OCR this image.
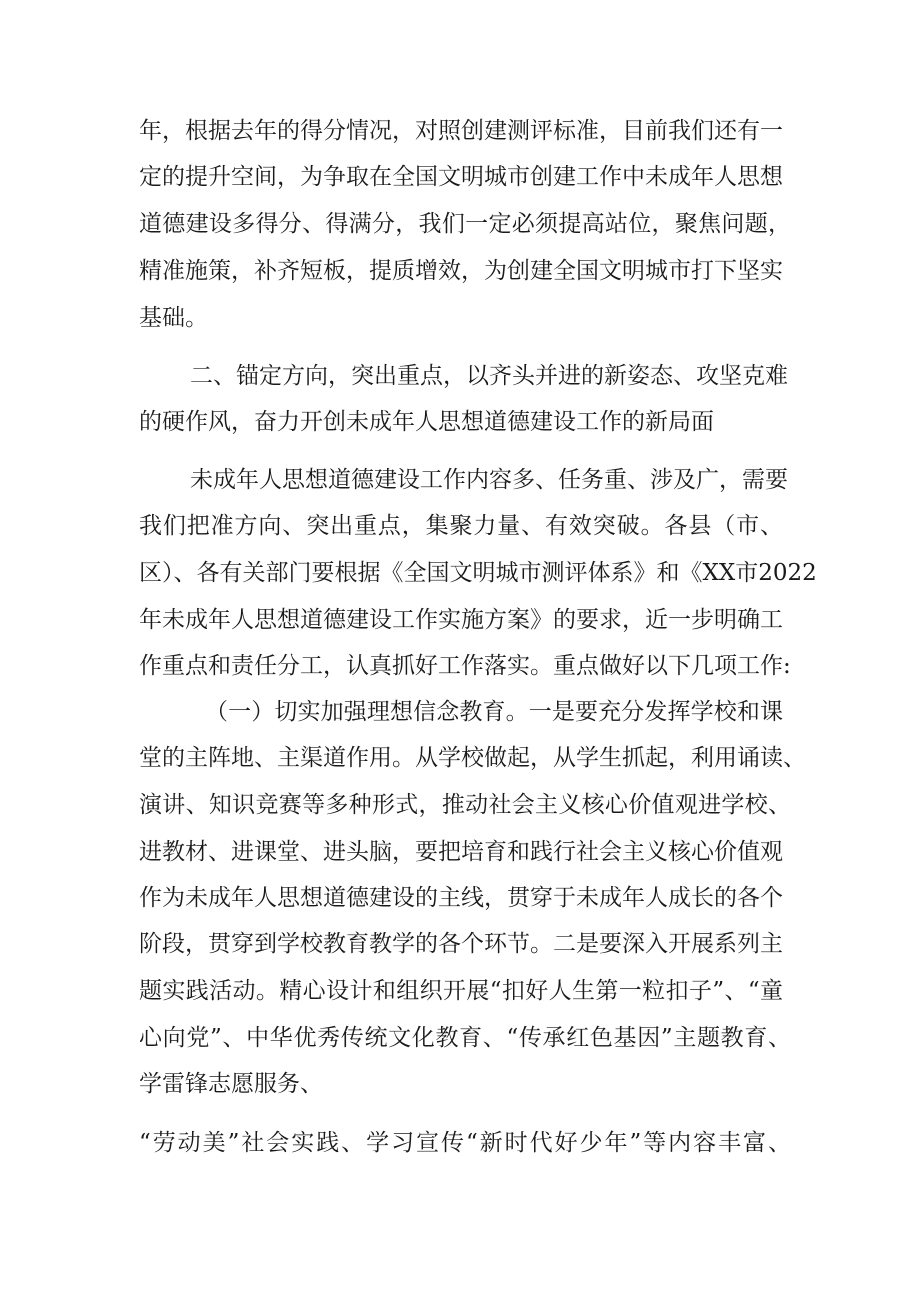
年，根据去年的得分情况，对照创建测评标准，目前我们还有一

定的提升空间，为争取在全国文明城市创建工作中未成年人思想

道德建设多得分、得满分，我们一定必须提高站位，聚焦问题，

精准施策，补齐短板，提质增效，为创建全国文明城市打下坚实

基础。

二、锚定方向，突出重点，以齐头并进的新姿态、攻坚克难

的硬作风，奋力开创未成年人思想道德建设工作的新局面

未成年人思想道德建设工作内容多、任务重、涉及广，需要

我们把准方向、突出重点，集聚力量、有效突破。各县（市、

区）、各有关部门要根据《全国文明城市测评体系》和《XX市2022

年未成年人思想道德建设工作实施方案》的要求，近一步明确工

作重点和责任分工，认真抓好工作落实。重点做好以下几项工作:

（一）切实加强理想信念教育。一是要充分发挥学校和课

堂的主阵地、主渠道作用。从学校做起，从学生抓起，利用诵读、

演讲、知识竞赛等多种形式，推动社会主义核心价值观进学校、

进教材、进课堂、进头脑，要把培育和践行社会主义核心价值观

作为未成年人思想道德建设的主线，贯穿于未成年人成长的各个

阶段，贯穿到学校教育教学的各个环节。二是要深入开展系列主

题实践活动。精心设计和组织开展“扣好人生第一粒扣子”、“童

心向党”、中华优秀传统文化教育、“传承红色基因”主题教育、

学雷锋志愿服务、

“劳动美”社会实践、学习宣传“新时代好少年”等内容丰富、
